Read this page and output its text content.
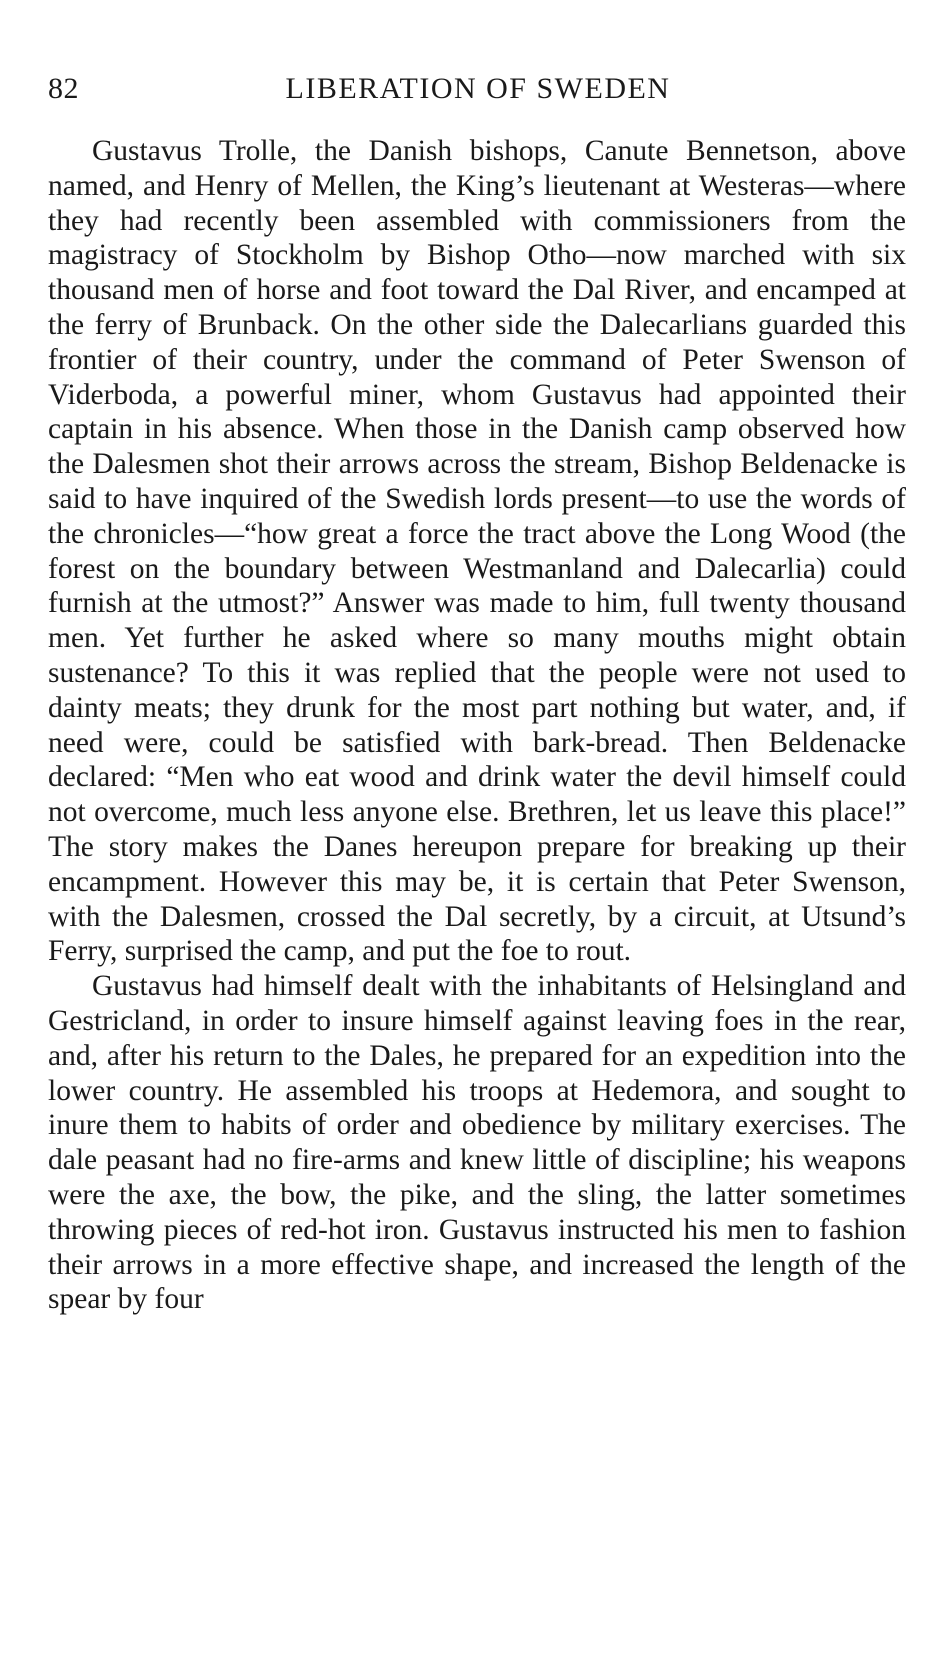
82	LIBERATION OF SWEDEN

Gustavus Trolle, the Danish bishops, Canute Bennetson, above named, and Henry of Mellen, the King’s lieutenant at Westeras—where they had recently been assembled with commissioners from the magistracy of Stockholm by Bishop Otho—now marched with six thousand men of horse and foot toward the Dal River, and encamped at the ferry of Brunback. On the other side the Dalecarlians guarded this frontier of their country, under the command of Peter Swenson of Viderboda, a powerful miner, whom Gustavus had appointed their captain in his absence. When those in the Danish camp observed how the Dalesmen shot their arrows across the stream, Bishop Beldenacke is said to have inquired of the Swedish lords present—to use the words of the chronicles—“how great a force the tract above the Long Wood (the forest on the boundary between Westmanland and Dalecarlia) could furnish at the utmost?” Answer was made to him, full twenty thousand men. Yet further he asked where so many mouths might obtain sustenance? To this it was replied that the people were not used to dainty meats; they drunk for the most part nothing but water, and, if need were, could be satisfied with bark-bread. Then Beldenacke declared: “Men who eat wood and drink water the devil himself could not overcome, much less anyone else. Brethren, let us leave this place!” The story makes the Danes hereupon prepare for breaking up their encampment. However this may be, it is certain that Peter Swenson, with the Dalesmen, crossed the Dal secretly, by a circuit, at Utsund’s Ferry, surprised the camp, and put the foe to rout.

Gustavus had himself dealt with the inhabitants of Helsingland and Gestricland, in order to insure himself against leaving foes in the rear, and, after his return to the Dales, he prepared for an expedition into the lower country. He assembled his troops at Hedemora, and sought to inure them to habits of order and obedience by military exercises. The dale peasant had no fire-arms and knew little of discipline; his weapons were the axe, the bow, the pike, and the sling, the latter sometimes throwing pieces of red-hot iron. Gustavus instructed his men to fashion their arrows in a more effective shape, and increased the length of the spear by four
